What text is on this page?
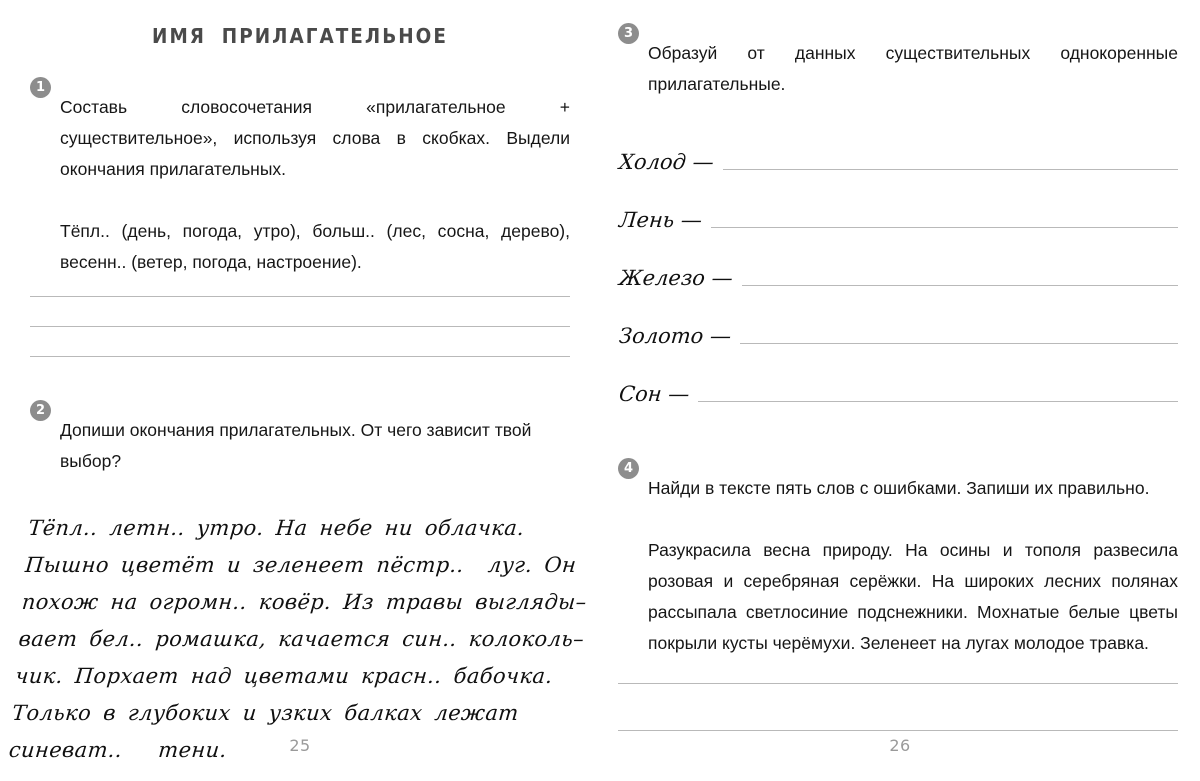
ИМЯ ПРИЛАГАТЕЛЬНОЕ
1

Составь словосочетания «прилагательное + существительное», используя слова в скобках. Выдели окончания прилагательных.

Тёпл.. (день, погода, утро), больш.. (лес, сосна, дерево), весенн.. (ветер, погода, настроение).

2

Допиши окончания прилагательных. От чего зависит твой выбор?

Тёпл.. летн.. утро. На небе ни облачка.
Пышно цветёт и зеленеет пёстр..  луг. Он
похож на огромн.. ковёр. Из травы выгляды–
вает бел.. ромашка, качается син.. колоколь–
чик. Порхает над цветами красн.. бабочка.
Только в глубоких и узких балках лежат
синеват..   тени.	25
3

Образуй от данных существительных однокоренные прилагательные.

Холод —
Лень —
Железо —
Золото —
Сон —
4

Найди в тексте пять слов с ошибками. Запиши их правильно.

Разукрасила весна природу. На осины и тополя развесила розовая и серебряная серёжки. На широких лесних полянах рассыпала светлосиние подснежники. Мохнатые белые цветы покрыли кусты черёмухи. Зеленеет на лугах молодое травка.

26
